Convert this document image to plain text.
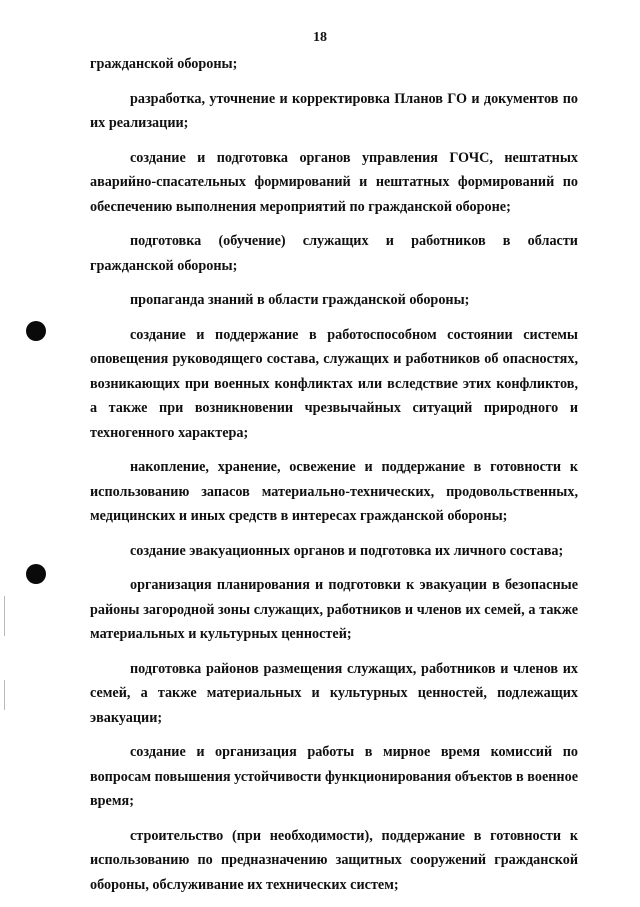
18

гражданской обороны;

разработка, уточнение и корректировка Планов ГО и документов по их реализации;

создание и подготовка органов управления ГОЧС, нештатных аварийно-спасательных формирований и нештатных формирований по обеспечению выполнения мероприятий по гражданской обороне;

подготовка (обучение) служащих и работников в области гражданской обороны;

пропаганда знаний в области гражданской обороны;

создание и поддержание в работоспособном состоянии системы оповещения руководящего состава, служащих и работников об опасностях, возникающих при военных конфликтах или вследствие этих конфликтов, а также при возникновении чрезвычайных ситуаций природного и техногенного характера;

накопление, хранение, освежение и поддержание в готовности к использованию запасов материально-технических, продовольственных, медицинских и иных средств в интересах гражданской обороны;

создание эвакуационных органов и подготовка их личного состава;

организация планирования и подготовки к эвакуации в безопасные районы загородной зоны служащих, работников и членов их семей, а также материальных и культурных ценностей;

подготовка районов размещения служащих, работников и членов их семей, а также материальных и культурных ценностей, подлежащих эвакуации;

создание и организация работы в мирное время комиссий по вопросам повышения устойчивости функционирования объектов в военное время;

строительство (при необходимости), поддержание в готовности к использованию по предназначению защитных сооружений гражданской обороны, обслуживание их технических систем;
